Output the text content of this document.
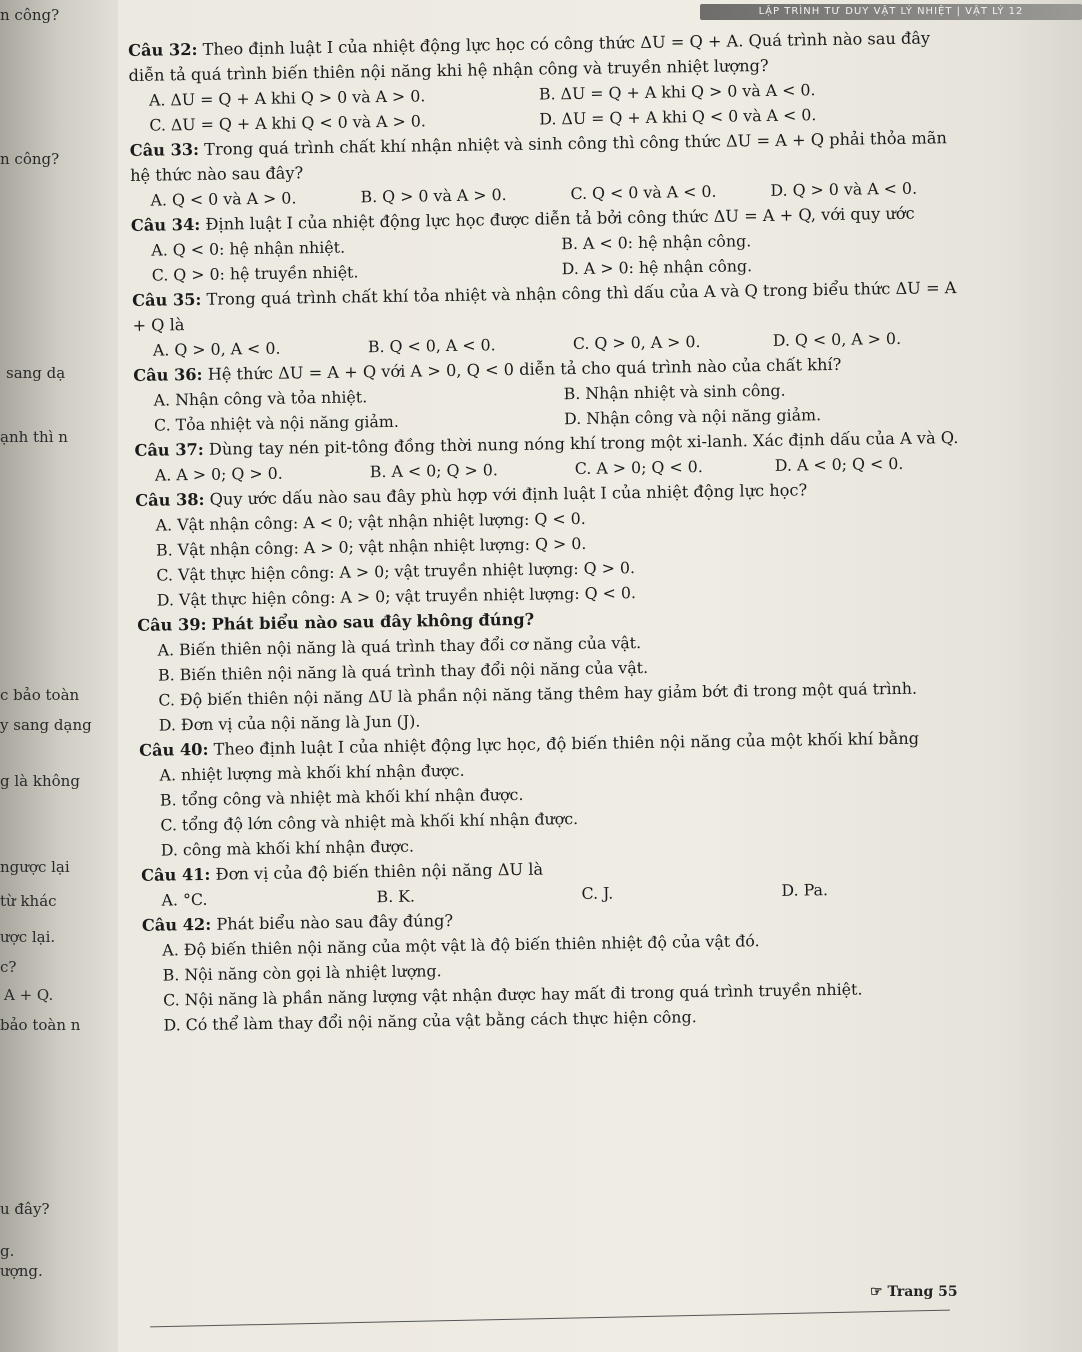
LẬP TRÌNH TƯ DUY VẬT LÝ NHIỆT | VẬT LÝ 12
n công?
n công?
sang dạ
ạnh thì n
c bảo toàn
y sang dạng
g là không
ngược lại
từ khác
ược lại.
c?
A + Q.
bảo toàn n
u đây?
g.
ượng.

Câu 32: Theo định luật I của nhiệt động lực học có công thức ΔU = Q + A. Quá trình nào sau đây diễn tả quá trình biến thiên nội năng khi hệ nhận công và truyền nhiệt lượng?

A. ΔU = Q + A khi Q > 0 và A > 0.	B. ΔU = Q + A khi Q > 0 và A < 0.
C. ΔU = Q + A khi Q < 0 và A > 0.	D. ΔU = Q + A khi Q < 0 và A < 0.

Câu 33: Trong quá trình chất khí nhận nhiệt và sinh công thì công thức ΔU = A + Q phải thỏa mãn hệ thức nào sau đây?

A. Q < 0 và A > 0.	B. Q > 0 và A > 0.	C. Q < 0 và A < 0.	D. Q > 0 và A < 0.

Câu 34: Định luật I của nhiệt động lực học được diễn tả bởi công thức ΔU = A + Q, với quy ước

A. Q < 0: hệ nhận nhiệt.	B. A < 0: hệ nhận công.
C. Q > 0: hệ truyền nhiệt.	D. A > 0: hệ nhận công.

Câu 35: Trong quá trình chất khí tỏa nhiệt và nhận công thì dấu của A và Q trong biểu thức ΔU = A + Q là

A. Q > 0, A < 0.	B. Q < 0, A < 0.	C. Q > 0, A > 0.	D. Q < 0, A > 0.

Câu 36: Hệ thức ΔU = A + Q với A > 0, Q < 0 diễn tả cho quá trình nào của chất khí?

A. Nhận công và tỏa nhiệt.	B. Nhận nhiệt và sinh công.
C. Tỏa nhiệt và nội năng giảm.	D. Nhận công và nội năng giảm.

Câu 37: Dùng tay nén pit-tông đồng thời nung nóng khí trong một xi-lanh. Xác định dấu của A và Q.

A. A > 0; Q > 0.	B. A < 0; Q > 0.	C. A > 0; Q < 0.	D. A < 0; Q < 0.

Câu 38: Quy ước dấu nào sau đây phù hợp với định luật I của nhiệt động lực học?

A. Vật nhận công: A < 0; vật nhận nhiệt lượng: Q < 0.
B. Vật nhận công: A > 0; vật nhận nhiệt lượng: Q > 0.
C. Vật thực hiện công: A > 0; vật truyền nhiệt lượng: Q > 0.
D. Vật thực hiện công: A > 0; vật truyền nhiệt lượng: Q < 0.

Câu 39: Phát biểu nào sau đây không đúng?

A. Biến thiên nội năng là quá trình thay đổi cơ năng của vật.
B. Biến thiên nội năng là quá trình thay đổi nội năng của vật.
C. Độ biến thiên nội năng ΔU là phần nội năng tăng thêm hay giảm bớt đi trong một quá trình.
D. Đơn vị của nội năng là Jun (J).

Câu 40: Theo định luật I của nhiệt động lực học, độ biến thiên nội năng của một khối khí bằng

A. nhiệt lượng mà khối khí nhận được.
B. tổng công và nhiệt mà khối khí nhận được.
C. tổng độ lớn công và nhiệt mà khối khí nhận được.
D. công mà khối khí nhận được.

Câu 41: Đơn vị của độ biến thiên nội năng ΔU là

A. °C.	B. K.	C. J.	D. Pa.

Câu 42: Phát biểu nào sau đây đúng?

A. Độ biến thiên nội năng của một vật là độ biến thiên nhiệt độ của vật đó.
B. Nội năng còn gọi là nhiệt lượng.
C. Nội năng là phần năng lượng vật nhận được hay mất đi trong quá trình truyền nhiệt.
D. Có thể làm thay đổi nội năng của vật bằng cách thực hiện công.
☞ Trang 55
